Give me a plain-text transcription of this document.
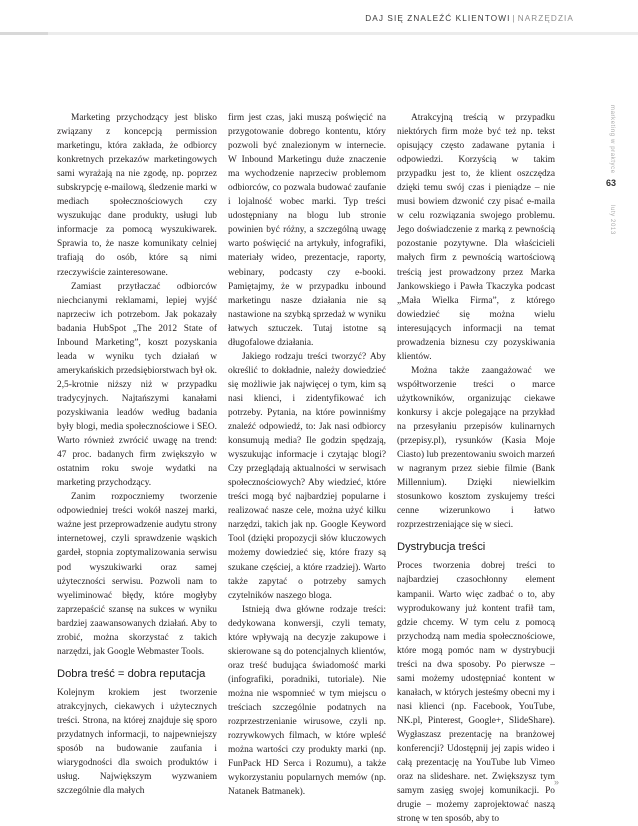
DAJ SIĘ ZNALEŹĆ KLIENTOWI | NARZĘDZIA
marketing w praktyce
luty 2013
63

Marketing przychodzący jest blisko związany z koncepcją permission marketingu, która zakłada, że odbiorcy konkretnych przekazów marketingowych sami wyrażają na nie zgodę, np. poprzez subskrypcję e-mailową, śledzenie marki w mediach społecznościowych czy wyszukując dane produkty, usługi lub informacje za pomocą wyszukiwarek. Sprawia to, że nasze komunikaty celniej trafiają do osób, które są nimi rzeczywiście zainteresowane.

Zamiast przytłaczać odbiorców niechcianymi reklamami, lepiej wyjść naprzeciw ich potrzebom. Jak pokazały badania HubSpot „The 2012 State of Inbound Marketing”, koszt pozyskania leada w wyniku tych działań w amerykańskich przedsiębiorstwach był ok. 2,5-krotnie niższy niż w przypadku tradycyjnych. Najtańszymi kanałami pozyskiwania leadów według badania były blogi, media społecznościowe i SEO. Warto również zwrócić uwagę na trend: 47 proc. badanych firm zwiększyło w ostatnim roku swoje wydatki na marketing przychodzący.

Zanim rozpoczniemy tworzenie odpowiedniej treści wokół naszej marki, ważne jest przeprowadzenie audytu strony internetowej, czyli sprawdzenie wąskich gardeł, stopnia zoptymalizowania serwisu pod wyszukiwarki oraz samej użyteczności serwisu. Pozwoli nam to wyeliminować błędy, które mogłyby zaprzepaścić szansę na sukces w wyniku bardziej zaawansowanych działań. Aby to zrobić, można skorzystać z takich narzędzi, jak Google Webmaster Tools.

Dobra treść = dobra reputacja

Kolejnym krokiem jest tworzenie atrakcyjnych, ciekawych i użytecznych treści. Strona, na której znajduje się sporo przydatnych informacji, to najpewniejszy sposób na budowanie zaufania i wiarygodności dla swoich produktów i usług. Największym wyzwaniem szczególnie dla małych

firm jest czas, jaki muszą poświęcić na przygotowanie dobrego kontentu, który pozwoli być znalezionym w internecie. W Inbound Marketingu duże znaczenie ma wychodzenie naprzeciw problemom odbiorców, co pozwala budować zaufanie i lojalność wobec marki. Typ treści udostępniany na blogu lub stronie powinien być różny, a szczególną uwagę warto poświęcić na artykuły, infografiki, materiały wideo, prezentacje, raporty, webinary, podcasty czy e-booki. Pamiętajmy, że w przypadku inbound marketingu nasze działania nie są nastawione na szybką sprzedaż w wyniku łatwych sztuczek. Tutaj istotne są długofalowe działania.

Jakiego rodzaju treści tworzyć? Aby określić to dokładnie, należy dowiedzieć się możliwie jak najwięcej o tym, kim są nasi klienci, i zidentyfikować ich potrzeby. Pytania, na które powinniśmy znaleźć odpowiedź, to: Jak nasi odbiorcy konsumują media? Ile godzin spędzają, wyszukując informacje i czytając blogi? Czy przeglądają aktualności w serwisach społecznościowych? Aby wiedzieć, które treści mogą być najbardziej popularne i realizować nasze cele, można użyć kilku narzędzi, takich jak np. Google Keyword Tool (dzięki propozycji słów kluczowych możemy dowiedzieć się, które frazy są szukane częściej, a które rzadziej). Warto także zapytać o potrzeby samych czytelników naszego bloga.

Istnieją dwa główne rodzaje treści: dedykowana konwersji, czyli tematy, które wpływają na decyzje zakupowe i skierowane są do potencjalnych klientów, oraz treść budująca świadomość marki (infografiki, poradniki, tutoriale). Nie można nie wspomnieć w tym miejscu o treściach szczególnie podatnych na rozprzestrzenianie wirusowe, czyli np. rozrywkowych filmach, w które wpleść można wartości czy produkty marki (np. FunPack HD Serca i Rozumu), a także wykorzystaniu popularnych memów (np. Natanek Batmanek).

Atrakcyjną treścią w przypadku niektórych firm może być też np. tekst opisujący często zadawane pytania i odpowiedzi. Korzyścią w takim przypadku jest to, że klient oszczędza dzięki temu swój czas i pieniądze – nie musi bowiem dzwonić czy pisać e-maila w celu rozwiązania swojego problemu. Jego doświadczenie z marką z pewnością pozostanie pozytywne. Dla właścicieli małych firm z pewnością wartościową treścią jest prowadzony przez Marka Jankowskiego i Pawła Tkaczyka podcast „Mała Wielka Firma”, z którego dowiedzieć się można wielu interesujących informacji na temat prowadzenia biznesu czy pozyskiwania klientów.

Można także zaangażować we współtworzenie treści o marce użytkowników, organizując ciekawe konkursy i akcje polegające na przykład na przesyłaniu przepisów kulinarnych (przepisy.pl), rysunków (Kasia Moje Ciasto) lub prezentowaniu swoich marzeń w nagranym przez siebie filmie (Bank Millennium). Dzięki niewielkim stosunkowo kosztom zyskujemy treści cenne wizerunkowo i łatwo rozprzestrzeniające się w sieci.

Dystrybucja treści

Proces tworzenia dobrej treści to najbardziej czasochłonny element kampanii. Warto więc zadbać o to, aby wyprodukowany już kontent trafił tam, gdzie chcemy. W tym celu z pomocą przychodzą nam media społecznościowe, które mogą pomóc nam w dystrybucji treści na dwa sposoby. Po pierwsze – sami możemy udostępniać kontent w kanałach, w których jesteśmy obecni my i nasi klienci (np. Facebook, YouTube, NK.pl, Pinterest, Google+, SlideShare). Wygłaszasz prezentację na branżowej konferencji? Udostępnij jej zapis wideo i całą prezentację na YouTube lub Vimeo oraz na slideshare. net. Zwiększysz tym samym zasięg swojej komunikacji. Po drugie – możemy zaprojektować naszą stronę w ten sposób, aby to

»
